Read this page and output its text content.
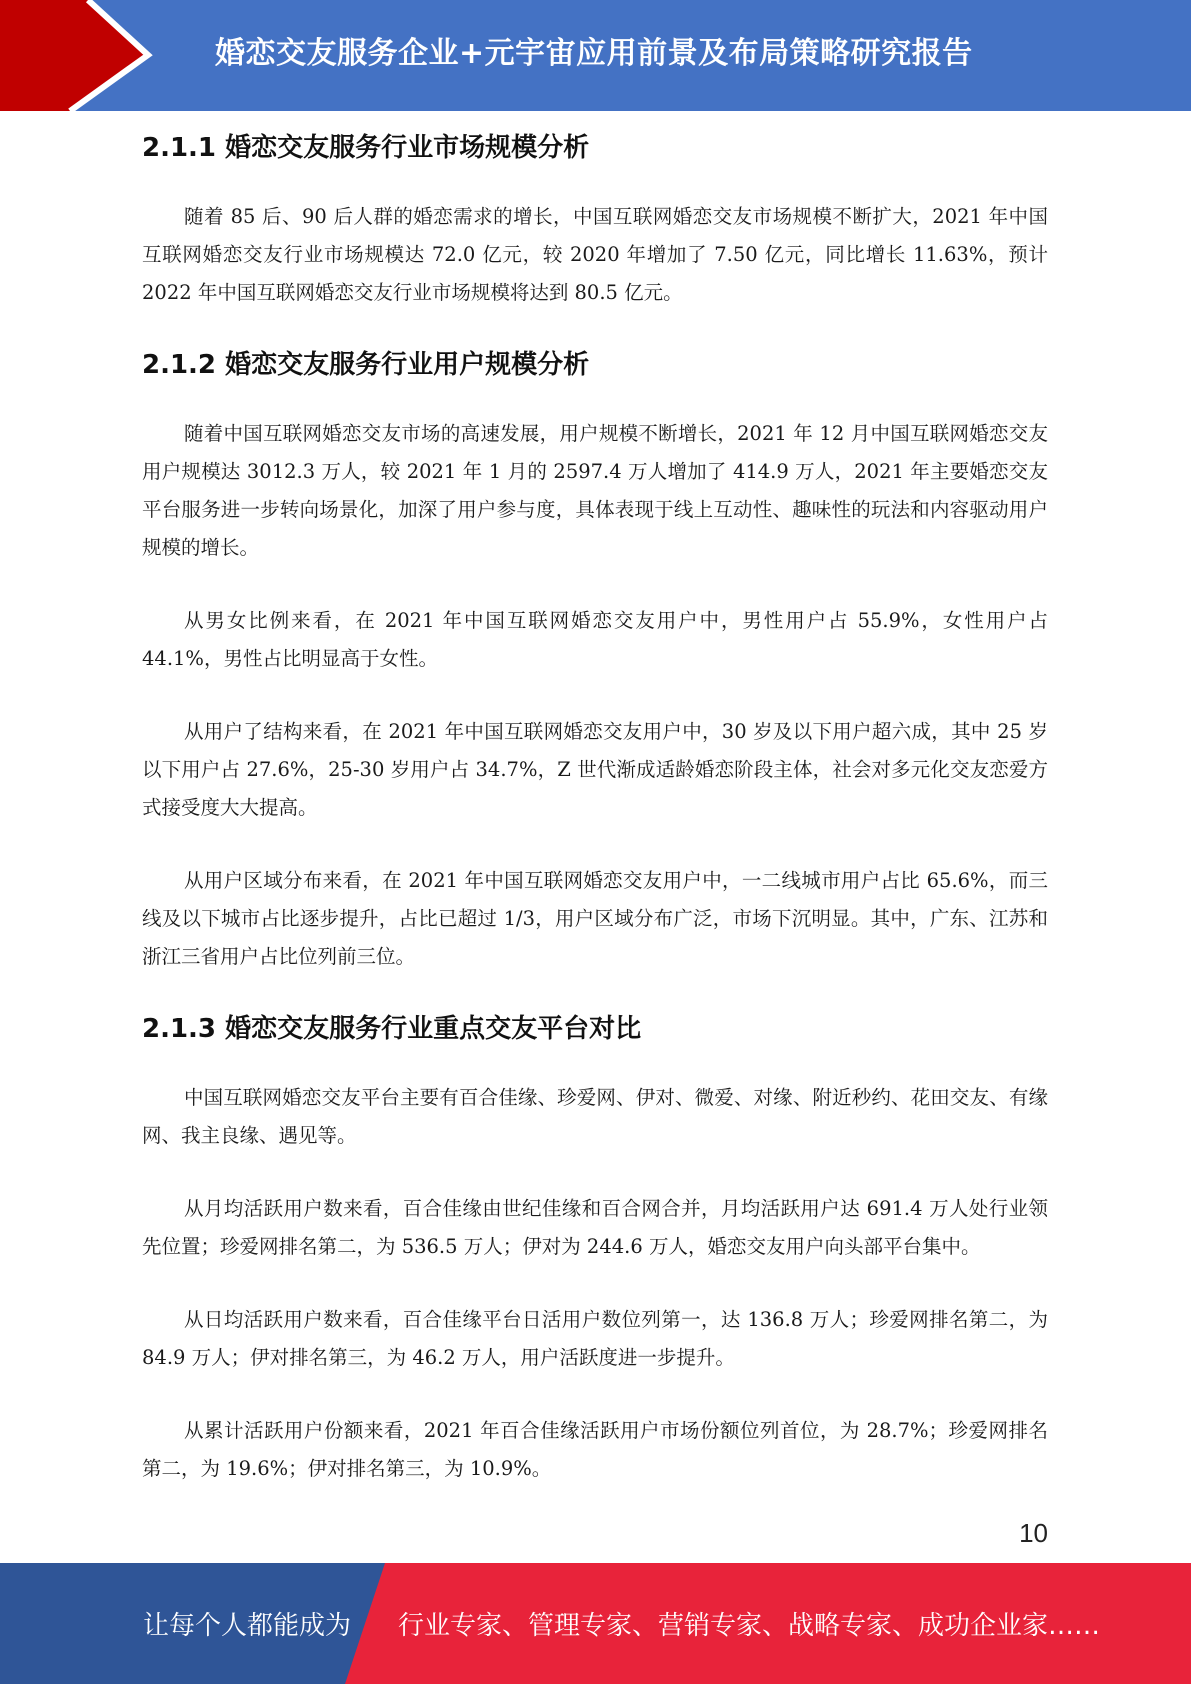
婚恋交友服务企业+元宇宙应用前景及布局策略研究报告
2.1.1 婚恋交友服务行业市场规模分析

随着 85 后、90 后人群的婚恋需求的增长，中国互联网婚恋交友市场规模不断扩大，2021 年中国互联网婚恋交友行业市场规模达 72.0 亿元，较 2020 年增加了 7.50 亿元，同比增长 11.63%，预计 2022 年中国互联网婚恋交友行业市场规模将达到 80.5 亿元。

2.1.2 婚恋交友服务行业用户规模分析

随着中国互联网婚恋交友市场的高速发展，用户规模不断增长，2021 年 12 月中国互联网婚恋交友用户规模达 3012.3 万人，较 2021 年 1 月的 2597.4 万人增加了 414.9 万人，2021 年主要婚恋交友平台服务进一步转向场景化，加深了用户参与度，具体表现于线上互动性、趣味性的玩法和内容驱动用户规模的增长。

从男女比例来看，在 2021 年中国互联网婚恋交友用户中，男性用户占 55.9%，女性用户占 44.1%，男性占比明显高于女性。

从用户了结构来看，在 2021 年中国互联网婚恋交友用户中，30 岁及以下用户超六成，其中 25 岁以下用户占 27.6%，25-30 岁用户占 34.7%，Z 世代渐成适龄婚恋阶段主体，社会对多元化交友恋爱方式接受度大大提高。

从用户区域分布来看，在 2021 年中国互联网婚恋交友用户中，一二线城市用户占比 65.6%，而三线及以下城市占比逐步提升，占比已超过 1/3，用户区域分布广泛，市场下沉明显。其中，广东、江苏和浙江三省用户占比位列前三位。

2.1.3 婚恋交友服务行业重点交友平台对比

中国互联网婚恋交友平台主要有百合佳缘、珍爱网、伊对、微爱、对缘、附近秒约、花田交友、有缘网、我主良缘、遇见等。

从月均活跃用户数来看，百合佳缘由世纪佳缘和百合网合并，月均活跃用户达 691.4 万人处行业领先位置；珍爱网排名第二，为 536.5 万人；伊对为 244.6 万人，婚恋交友用户向头部平台集中。

从日均活跃用户数来看，百合佳缘平台日活用户数位列第一，达 136.8 万人；珍爱网排名第二，为 84.9 万人；伊对排名第三，为 46.2 万人，用户活跃度进一步提升。

从累计活跃用户份额来看，2021 年百合佳缘活跃用户市场份额位列首位，为 28.7%；珍爱网排名第二，为 19.6%；伊对排名第三，为 10.9%。

10
让每个人都能成为 行业专家、管理专家、营销专家、战略专家、成功企业家……
